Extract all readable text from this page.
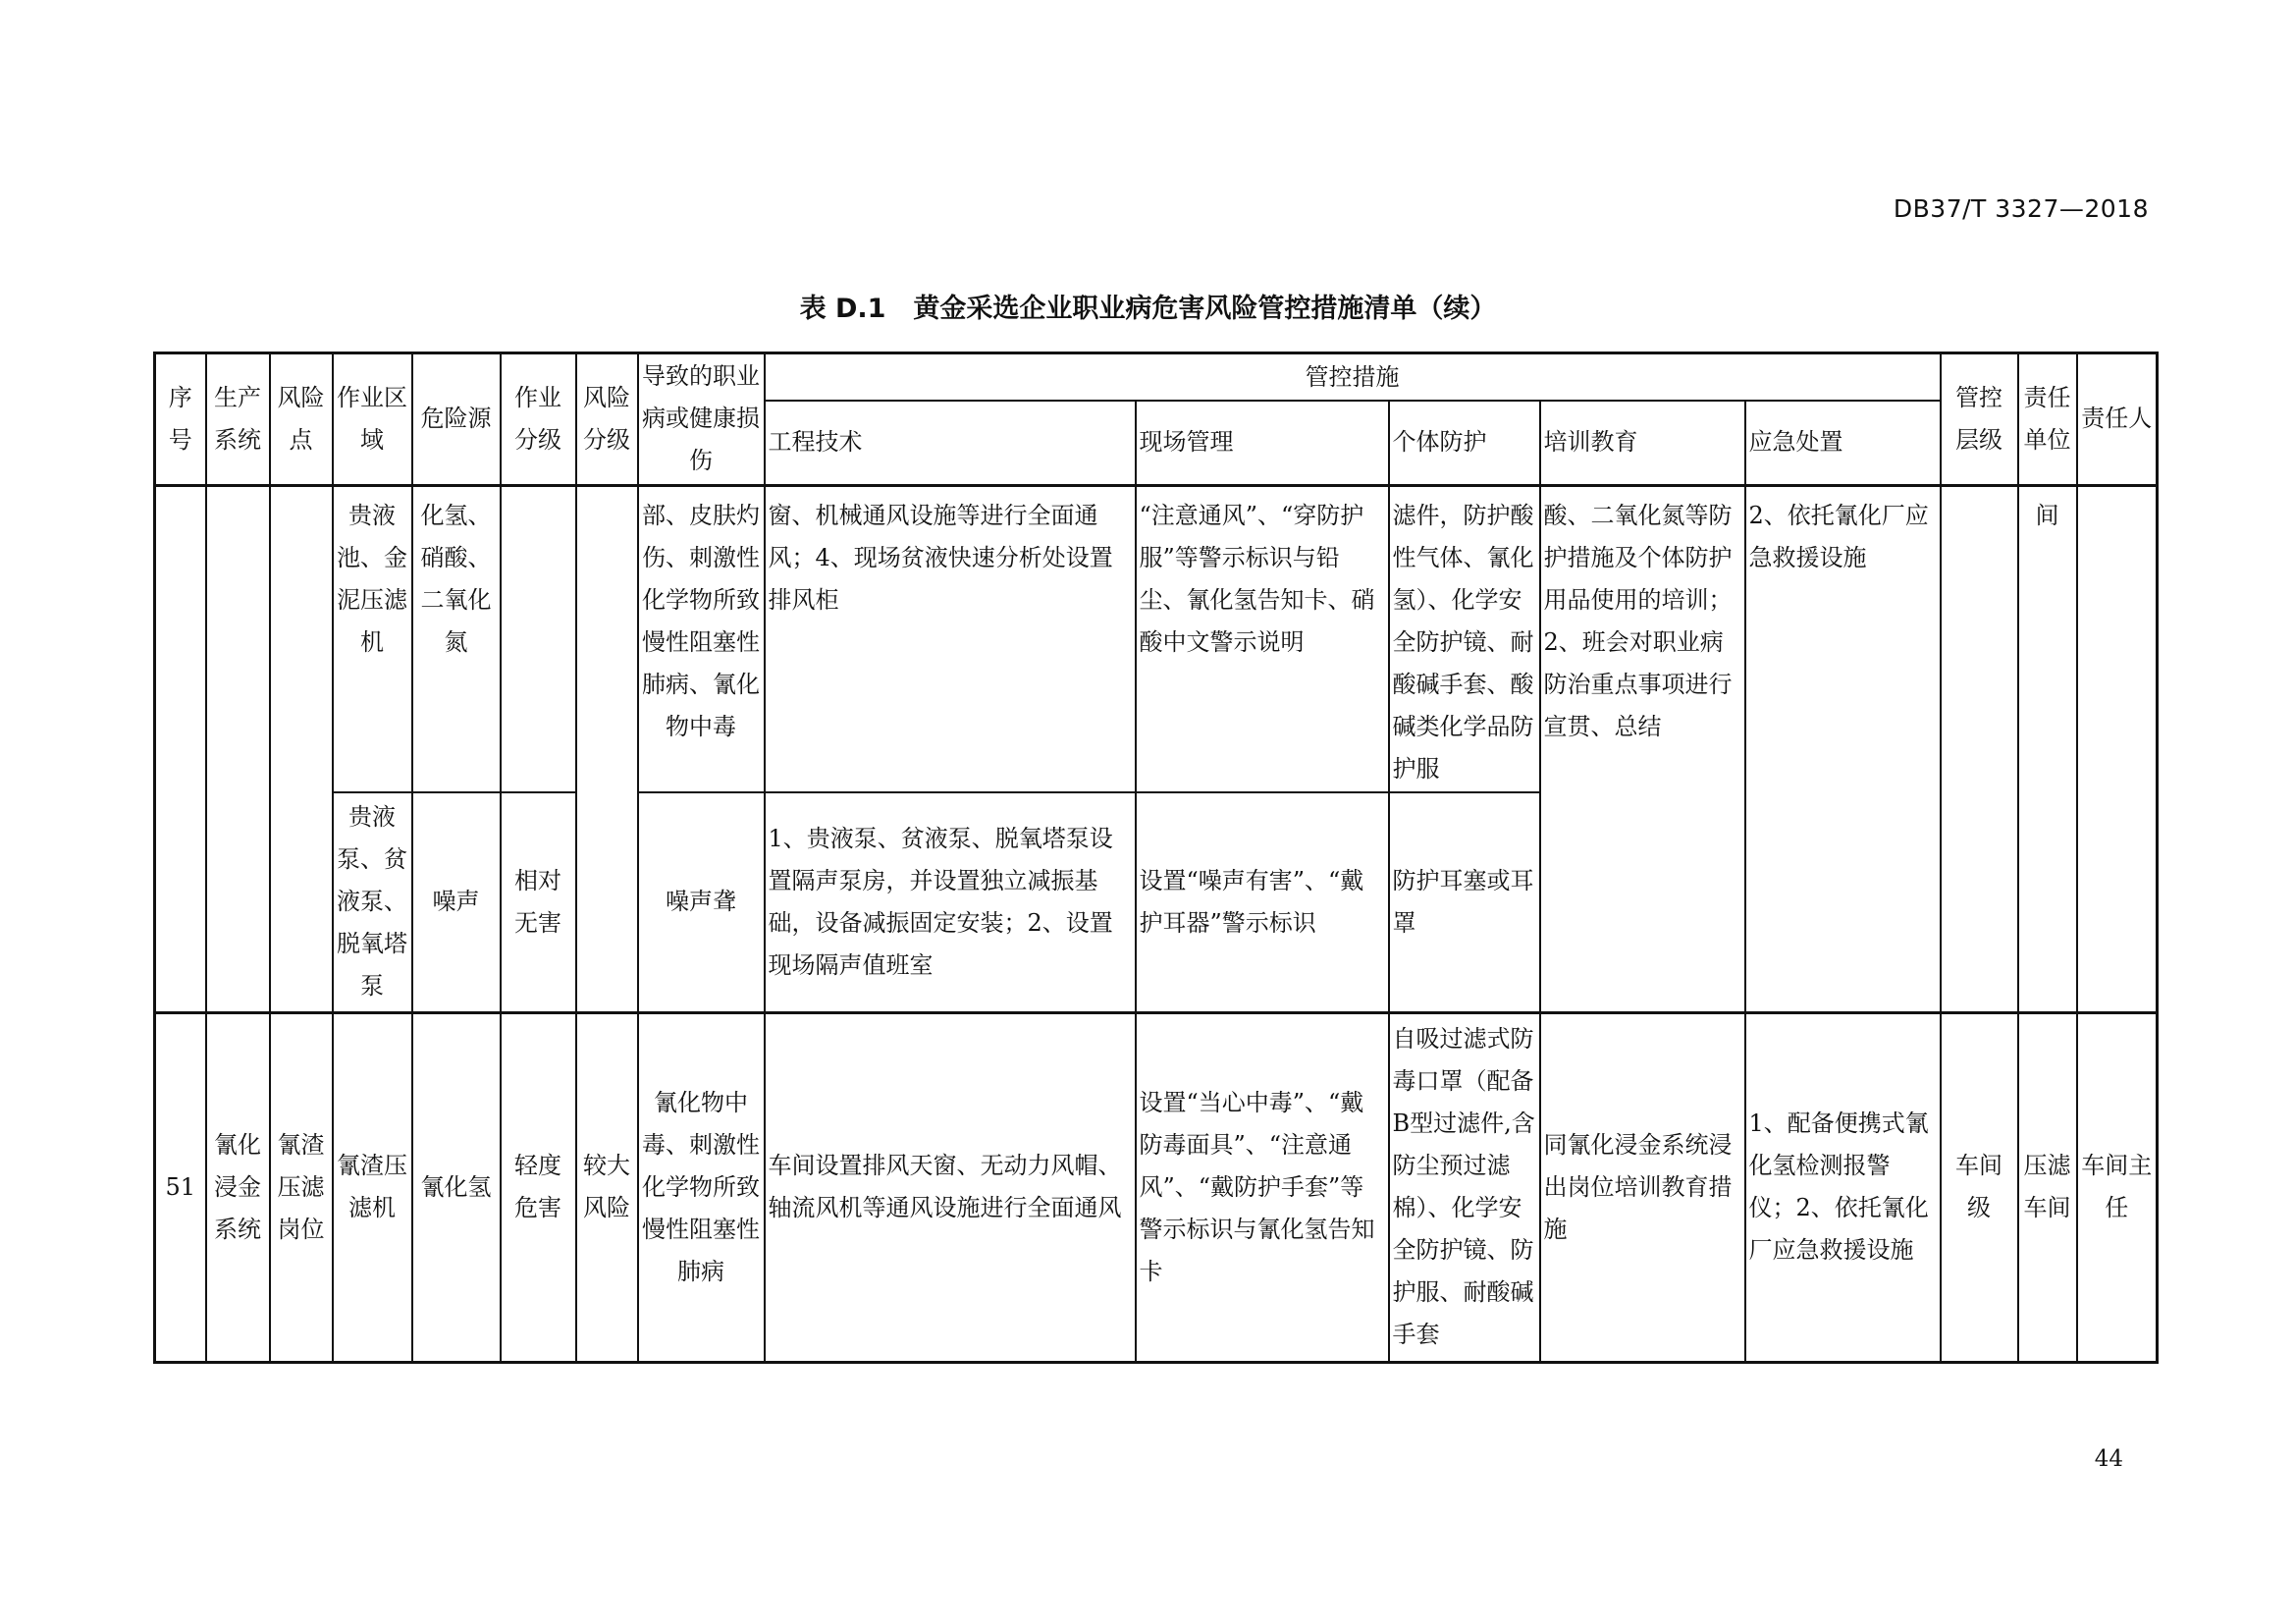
DB37/T 3327—2018
表 D.1 黄金采选企业职业病危害风险管控措施清单（续）
序号	生产系统	风险点	作业区域	危险源	作业分级	风险分级	导致的职业病或健康损伤	管控措施					管控层级	责任单位	责任人
								工程技术	现场管理	个体防护	培训教育	应急处置			
			贵液池、金泥压滤机	化氢、硝酸、二氧化氮			部、皮肤灼伤、刺激性化学物所致慢性阻塞性肺病、氰化物中毒	窗、机械通风设施等进行全面通风；4、现场贫液快速分析处设置排风柜	“注意通风”、“穿防护服”等警示标识与铅尘、氰化氢告知卡、硝酸中文警示说明	滤件，防护酸性气体、氰化氢）、化学安全防护镜、耐酸碱手套、酸碱类化学品防护服	酸、二氧化氮等防护措施及个体防护用品使用的培训；2、班会对职业病防治重点事项进行宣贯、总结	2、依托氰化厂应急救援设施		间	
			贵液泵、贫液泵、脱氧塔泵	噪声	相对无害		噪声聋	1、贵液泵、贫液泵、脱氧塔泵设置隔声泵房，并设置独立减振基础，设备减振固定安装；2、设置现场隔声值班室	设置“噪声有害”、“戴护耳器”警示标识	防护耳塞或耳罩					
51	氰化浸金系统	氰渣压滤岗位	氰渣压滤机	氰化氢	轻度危害	较大风险	氰化物中毒、刺激性化学物所致慢性阻塞性肺病	车间设置排风天窗、无动力风帽、轴流风机等通风设施进行全面通风	设置“当心中毒”、“戴防毒面具”、“注意通风”、“戴防护手套”等警示标识与氰化氢告知卡	自吸过滤式防毒口罩（配备B型过滤件,含防尘预过滤棉）、化学安全防护镜、防护服、耐酸碱手套	同氰化浸金系统浸出岗位培训教育措施	1、配备便携式氰化氢检测报警仪；2、依托氰化厂应急救援设施	车间级	压滤车间	车间主任
44
